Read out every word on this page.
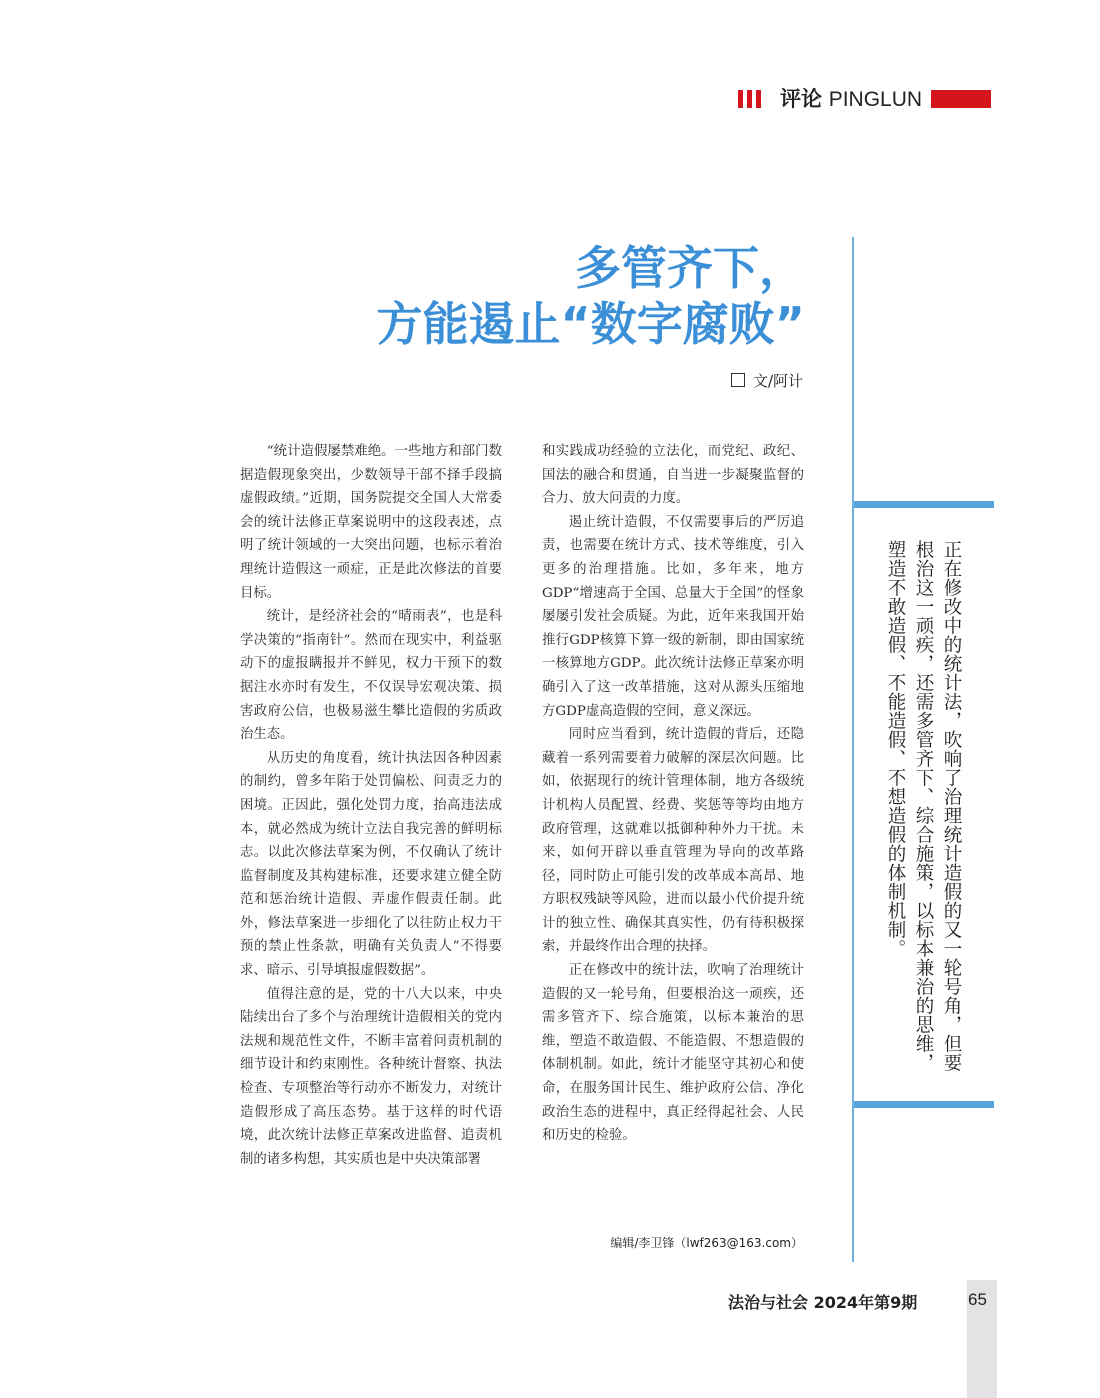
评论 PINGLUN
多管齐下，
方能遏止“数字腐败”
文/阿计

“统计造假屡禁难绝。一些地方和部门数据造假现象突出，少数领导干部不择手段搞虚假政绩。”近期，国务院提交全国人大常委会的统计法修正草案说明中的这段表述，点明了统计领域的一大突出问题，也标示着治理统计造假这一顽症，正是此次修法的首要目标。

统计，是经济社会的“晴雨表”，也是科学决策的“指南针”。然而在现实中，利益驱动下的虚报瞒报并不鲜见，权力干预下的数据注水亦时有发生，不仅误导宏观决策、损害政府公信，也极易滋生攀比造假的劣质政治生态。

从历史的角度看，统计执法因各种因素的制约，曾多年陷于处罚偏松、问责乏力的困境。正因此，强化处罚力度，抬高违法成本，就必然成为统计立法自我完善的鲜明标志。以此次修法草案为例，不仅确认了统计监督制度及其构建标准，还要求建立健全防范和惩治统计造假、弄虚作假责任制。此外，修法草案进一步细化了以往防止权力干预的禁止性条款，明确有关负责人“不得要求、暗示、引导填报虚假数据”。

值得注意的是，党的十八大以来，中央陆续出台了多个与治理统计造假相关的党内法规和规范性文件，不断丰富着问责机制的细节设计和约束刚性。各种统计督察、执法检查、专项整治等行动亦不断发力，对统计造假形成了高压态势。基于这样的时代语境，此次统计法修正草案改进监督、追责机制的诸多构想，其实质也是中央决策部署

和实践成功经验的立法化，而党纪、政纪、国法的融合和贯通，自当进一步凝聚监督的合力、放大问责的力度。

遏止统计造假，不仅需要事后的严厉追责，也需要在统计方式、技术等维度，引入更多的治理措施。比如，多年来，地方GDP“增速高于全国、总量大于全国”的怪象屡屡引发社会质疑。为此，近年来我国开始推行GDP核算下算一级的新制，即由国家统一核算地方GDP。此次统计法修正草案亦明确引入了这一改革措施，这对从源头压缩地方GDP虚高造假的空间，意义深远。

同时应当看到，统计造假的背后，还隐藏着一系列需要着力破解的深层次问题。比如，依据现行的统计管理体制，地方各级统计机构人员配置、经费、奖惩等等均由地方政府管理，这就难以抵御种种外力干扰。未来，如何开辟以垂直管理为导向的改革路径，同时防止可能引发的改革成本高昂、地方职权残缺等风险，进而以最小代价提升统计的独立性、确保其真实性，仍有待积极探索，并最终作出合理的抉择。

正在修改中的统计法，吹响了治理统计造假的又一轮号角，但要根治这一顽疾，还需多管齐下、综合施策，以标本兼治的思维，塑造不敢造假、不能造假、不想造假的体制机制。如此，统计才能坚守其初心和使命，在服务国计民生、维护政府公信、净化政治生态的进程中，真正经得起社会、人民和历史的检验。

编辑/李卫锋（lwf263@163.com）
正在修改中的统计法，吹响了治理统计造假的又一轮号角，但要根治这一顽疾，还需多管齐下、综合施策，以标本兼治的思维，塑造不敢造假、不能造假、不想造假的体制机制。
法治与社会 2024年第9期	65
